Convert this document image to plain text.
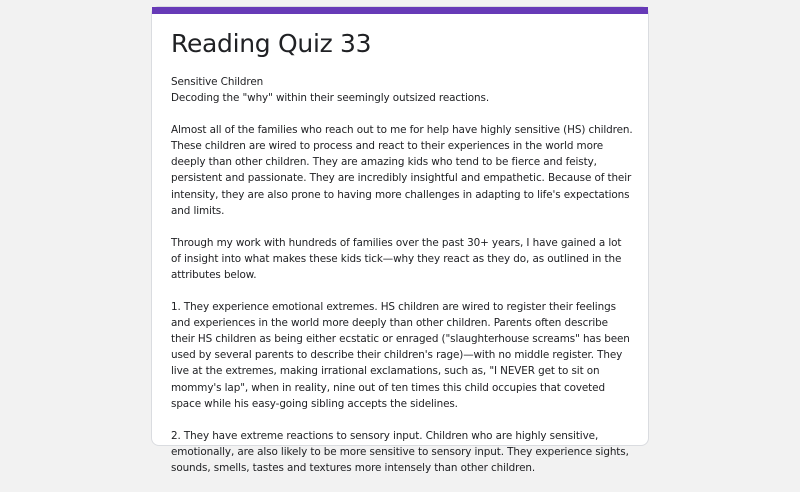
Reading Quiz 33

Sensitive Children

Decoding the "why" within their seemingly outsized reactions.

Almost all of the families who reach out to me for help have highly sensitive (HS) children. These children are wired to process and react to their experiences in the world more deeply than other children. They are amazing kids who tend to be fierce and feisty, persistent and passionate. They are incredibly insightful and empathetic. Because of their intensity, they are also prone to having more challenges in adapting to life's expectations and limits.

Through my work with hundreds of families over the past 30+ years, I have gained a lot of insight into what makes these kids tick—why they react as they do, as outlined in the attributes below.

1. They experience emotional extremes. HS children are wired to register their feelings and experiences in the world more deeply than other children. Parents often describe their HS children as being either ecstatic or enraged ("slaughterhouse screams" has been used by several parents to describe their children's rage)—with no middle register. They live at the extremes, making irrational exclamations, such as, "I NEVER get to sit on mommy's lap", when in reality, nine out of ten times this child occupies that coveted space while his easy-going sibling accepts the sidelines.

2. They have extreme reactions to sensory input. Children who are highly sensitive, emotionally, are also likely to be more sensitive to sensory input. They experience sights, sounds, smells, tastes and textures more intensely than other children.
